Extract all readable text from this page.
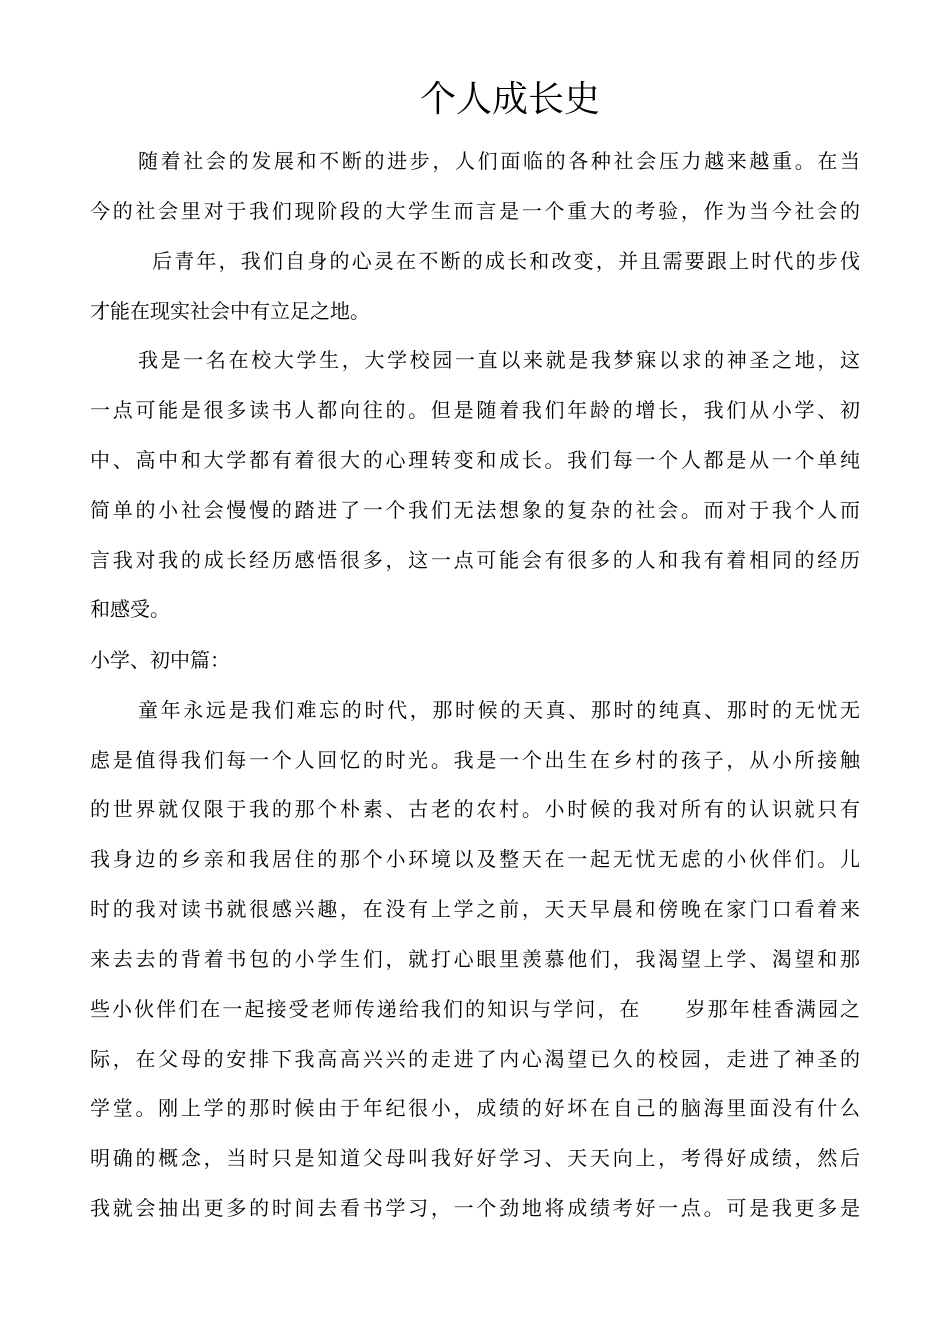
个人成长史

随着社会的发展和不断的进步，人们面临的各种社会压力越来越重。在当

今的社会里对于我们现阶段的大学生而言是一个重大的考验，作为当今社会的

后青年，我们自身的心灵在不断的成长和改变，并且需要跟上时代的步伐

才能在现实社会中有立足之地。

我是一名在校大学生，大学校园一直以来就是我梦寐以求的神圣之地，这

一点可能是很多读书人都向往的。但是随着我们年龄的增长，我们从小学、初

中、高中和大学都有着很大的心理转变和成长。我们每一个人都是从一个单纯

简单的小社会慢慢的踏进了一个我们无法想象的复杂的社会。而对于我个人而

言我对我的成长经历感悟很多，这一点可能会有很多的人和我有着相同的经历

和感受。

小学、初中篇：

童年永远是我们难忘的时代，那时候的天真、那时的纯真、那时的无忧无

虑是值得我们每一个人回忆的时光。我是一个出生在乡村的孩子，从小所接触

的世界就仅限于我的那个朴素、古老的农村。小时候的我对所有的认识就只有

我身边的乡亲和我居住的那个小环境以及整天在一起无忧无虑的小伙伴们。儿

时的我对读书就很感兴趣，在没有上学之前，天天早晨和傍晚在家门口看着来

来去去的背着书包的小学生们，就打心眼里羡慕他们，我渴望上学、渴望和那

些小伙伴们在一起接受老师传递给我们的知识与学问，在　　岁那年桂香满园之

际，在父母的安排下我高高兴兴的走进了内心渴望已久的校园，走进了神圣的

学堂。刚上学的那时候由于年纪很小，成绩的好坏在自己的脑海里面没有什么

明确的概念，当时只是知道父母叫我好好学习、天天向上，考得好成绩，然后

我就会抽出更多的时间去看书学习，一个劲地将成绩考好一点。可是我更多是
